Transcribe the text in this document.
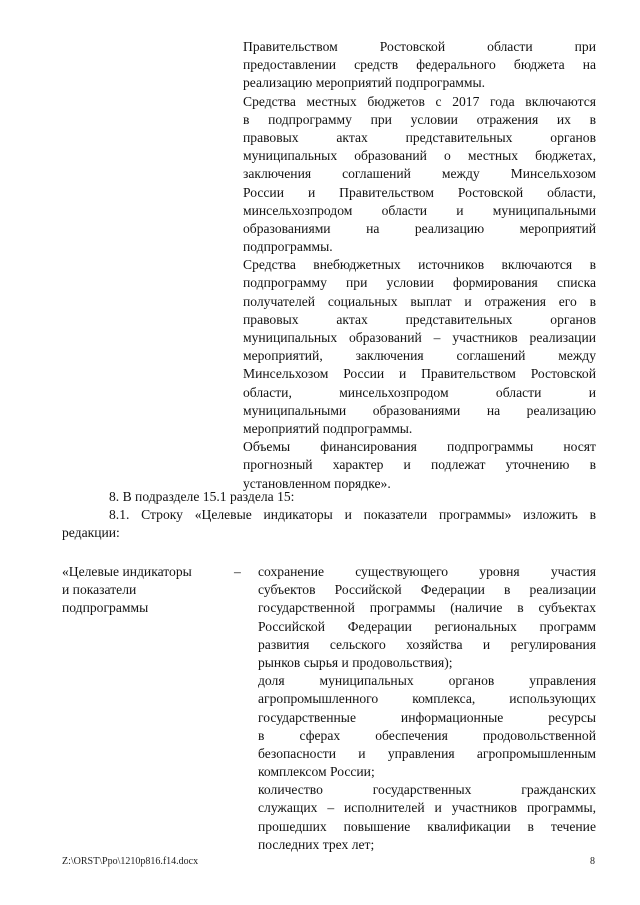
Правительством Ростовской области при
предоставлении средств федерального бюджета на
реализацию мероприятий подпрограммы.
Средства местных бюджетов с 2017 года включаются
в подпрограмму при условии отражения их в
правовых актах представительных органов
муниципальных образований о местных бюджетах,
заключения соглашений между Минсельхозом
России и Правительством Ростовской области,
минсельхозпродом области и муниципальными
образованиями на реализацию мероприятий
подпрограммы.
Средства внебюджетных источников включаются в
подпрограмму при условии формирования списка
получателей социальных выплат и отражения его в
правовых актах представительных органов
муниципальных образований – участников реализации
мероприятий, заключения соглашений между
Минсельхозом России и Правительством Ростовской
области, минсельхозпродом области и
муниципальными образованиями на реализацию
мероприятий подпрограммы.
Объемы финансирования подпрограммы носят
прогнозный характер и подлежат уточнению в
установленном порядке».
8. В подразделе 15.1 раздела 15:
8.1. Строку «Целевые индикаторы и показатели программы» изложить в
редакции:
«Целевые индикаторы
и показатели
подпрограммы
– сохранение существующего уровня участия
субъектов Российской Федерации в реализации
государственной программы (наличие в субъектах
Российской Федерации региональных программ
развития сельского хозяйства и регулирования
рынков сырья и продовольствия);
доля муниципальных органов управления
агропромышленного комплекса, использующих
государственные информационные ресурсы
в сферах обеспечения продовольственной
безопасности и управления агропромышленным
комплексом России;
количество государственных гражданских
служащих – исполнителей и участников программы,
прошедших повышение квалификации в течение
последних трех лет;
Z:\ORST\Ppo\1210p816.f14.docx	8
